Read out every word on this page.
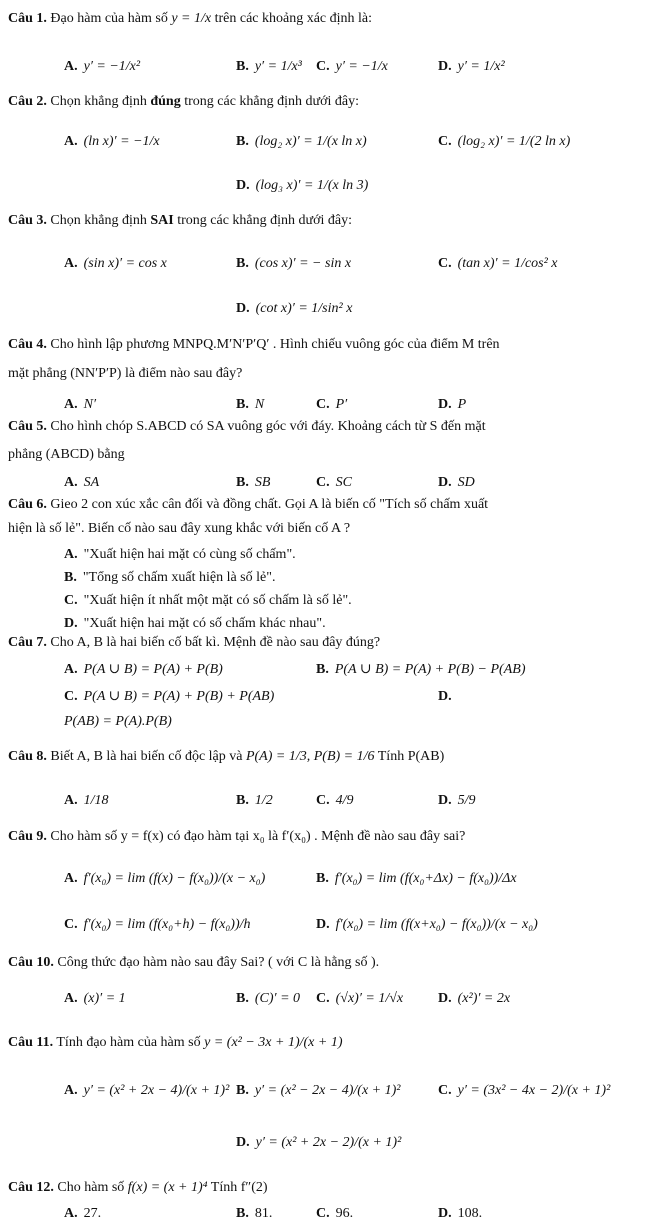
Câu 1. Đạo hàm của hàm số y = 1/x trên các khoảng xác định là:
A. y′ = −1/x²	B. y′ = 1/x³ C. y′ = −1/x	D. y′ = 1/x²
Câu 2. Chọn khẳng định đúng trong các khẳng định dưới đây:
A. (ln x)′ = −1/x	B. (log₂ x)′ = 1/(x ln x)	C. (log₂ x)′ = 1/(2 ln x)
D. (log₃ x)′ = 1/(x ln 3)
Câu 3. Chọn khẳng định SAI trong các khẳng định dưới đây:
A. (sin x)′ = cos x	B. (cos x)′ = − sin x	C. (tan x)′ = 1/cos² x
D. (cot x)′ = 1/sin² x
Câu 4. Cho hình lập phương MNPQ.M′N′P′Q′ . Hình chiếu vuông góc của điểm M trên
mặt phẳng (NN′P′P) là điểm nào sau đây?
A. N′	B. N	C. P′	D. P
Câu 5. Cho hình chóp S.ABCD có SA vuông góc với đáy. Khoảng cách từ S đến mặt
phẳng (ABCD) bằng
A. SA	B. SB	C. SC	D. SD
Câu 6. Gieo 2 con xúc xắc cân đối và đồng chất. Gọi A là biến cố "Tích số chấm xuất
hiện là số lẻ". Biến cố nào sau đây xung khắc với biến cố A ?
A. "Xuất hiện hai mặt có cùng số chấm".
B. "Tổng số chấm xuất hiện là số lẻ".
C. "Xuất hiện ít nhất một mặt có số chấm là số lẻ".
D. "Xuất hiện hai mặt có số chấm khác nhau".
Câu 7. Cho A, B là hai biến cố bất kì. Mệnh đề nào sau đây đúng?
A. P(A ∪ B) = P(A) + P(B)	B. P(A ∪ B) = P(A) + P(B) − P(AB)
C. P(A ∪ B) = P(A) + P(B) + P(AB)	D.
P(AB) = P(A).P(B)
Câu 8. Biết A, B là hai biến cố độc lập và P(A) = 1/3, P(B) = 1/6 Tính P(AB)
A. 1/18	B. 1/2	C. 4/9	D. 5/9
Câu 9. Cho hàm số y = f(x) có đạo hàm tại x₀ là f′(x₀) . Mệnh đề nào sau đây sai?
A. f′(x₀) = lim (f(x) − f(x₀))/(x − x₀)	B. f′(x₀) = lim (f(x₀+Δx) − f(x₀))/Δx
C. f′(x₀) = lim (f(x₀+h) − f(x₀))/h	D. f′(x₀) = lim (f(x+x₀) − f(x₀))/(x − x₀)
Câu 10. Công thức đạo hàm nào sau đây Sai? ( với C là hằng số ).
A. (x)′ = 1	B. (C)′ = 0 C. (√x)′ = 1/√x D. (x²)′ = 2x
Câu 11. Tính đạo hàm của hàm số y = (x² − 3x + 1)/(x + 1)
A. y′ = (x² + 2x − 4)/(x + 1)² B. y′ = (x² − 2x − 4)/(x + 1)²	C. y′ = (3x² − 4x − 2)/(x + 1)²
D. y′ = (x² + 2x − 2)/(x + 1)²
Câu 12. Cho hàm số f(x) = (x + 1)⁴ Tính f″(2)
A. 27.	B. 81.	C. 96.	D. 108.
